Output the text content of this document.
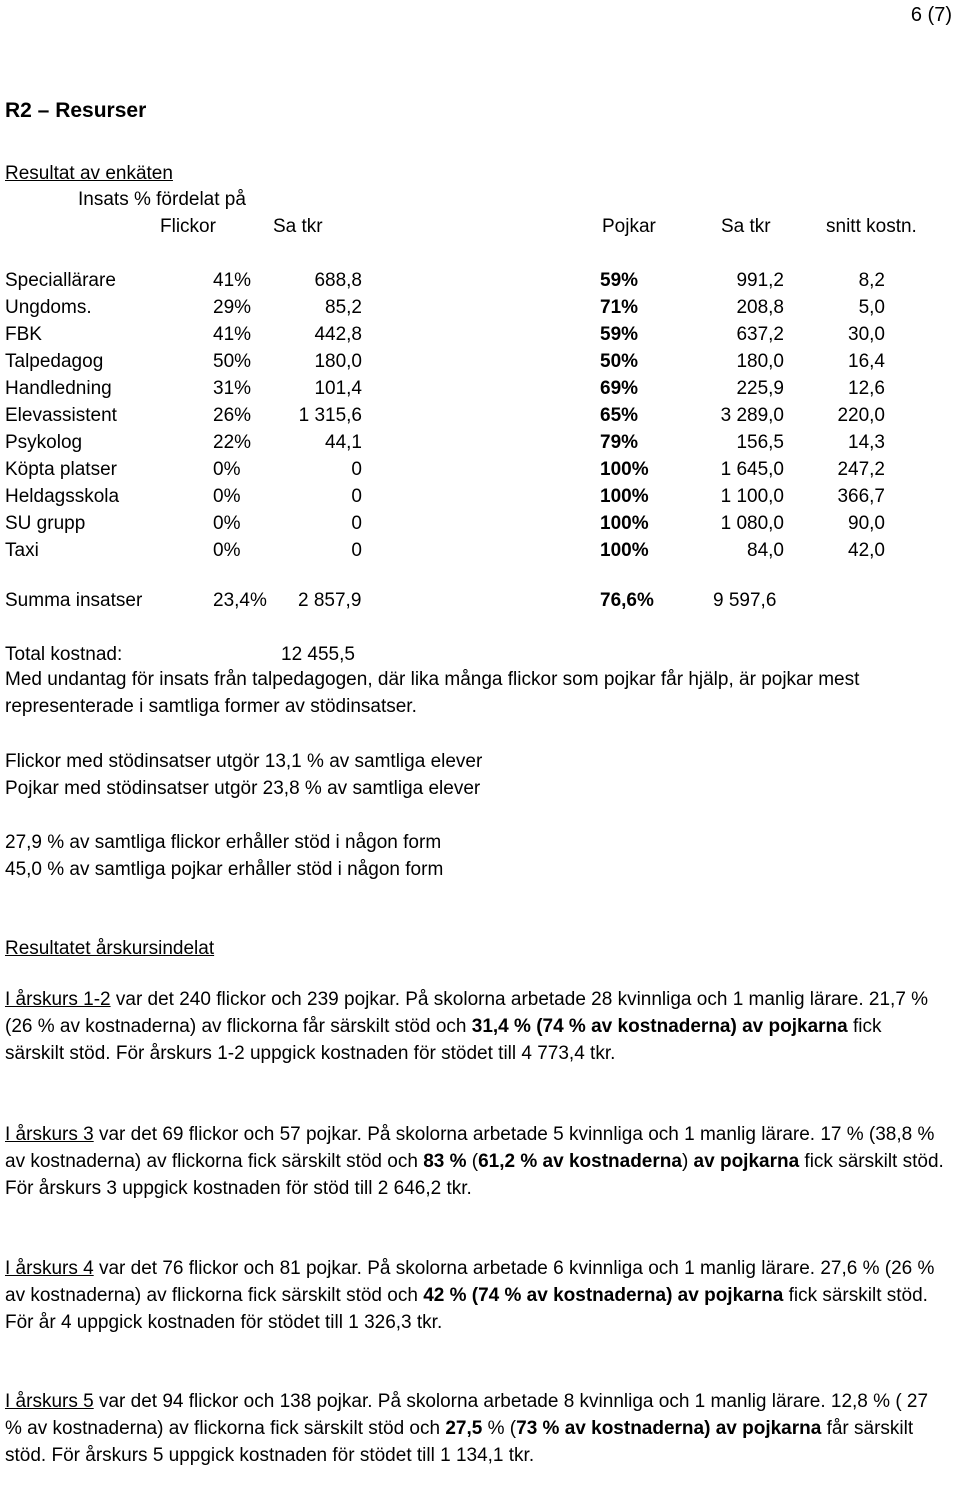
6 (7)
R2 – Resurser
Resultat av enkäten
Insats % fördelat på
Flickor	Sa tkr	Pojkar	Sa tkr	snitt kostn.
Speciallärare	41%	688,8	59%	991,2	8,2
Ungdoms.	29%	85,2	71%	208,8	5,0
FBK	41%	442,8	59%	637,2	30,0
Talpedagog	50%	180,0	50%	180,0	16,4
Handledning	31%	101,4	69%	225,9	12,6
Elevassistent	26%	1 315,6	65%	3 289,0	220,0
Psykolog	22%	44,1	79%	156,5	14,3
Köpta platser	0%	0	100%	1 645,0	247,2
Heldagsskola	0%	0	100%	1 100,0	366,7
SU grupp	0%	0	100%	1 080,0	90,0
Taxi	0%	0	100%	84,0	42,0
Summa insatser	23,4% 2 857,9	76,6%	9 597,6
Total kostnad:	12 455,5
Med undantag för insats från talpedagogen, där lika många flickor som pojkar får hjälp, är pojkar mest representerade i samtliga former av stödinsatser.
Flickor med stödinsatser utgör 13,1 % av samtliga elever
Pojkar med stödinsatser utgör 23,8 % av samtliga elever
27,9 % av samtliga flickor erhåller stöd i någon form
45,0 % av samtliga pojkar erhåller stöd i någon form
Resultatet årskursindelat
I årskurs 1-2 var det 240 flickor och 239 pojkar. På skolorna arbetade 28 kvinnliga och 1 manlig lärare. 21,7 % (26 % av kostnaderna) av flickorna får särskilt stöd och 31,4 % (74 % av kostnaderna) av pojkarna fick särskilt stöd. För årskurs 1-2 uppgick kostnaden för stödet till 4 773,4 tkr.
I årskurs 3 var det 69 flickor och 57 pojkar. På skolorna arbetade 5 kvinnliga och 1 manlig lärare. 17 % (38,8 % av kostnaderna) av flickorna fick särskilt stöd och 83 % (61,2 % av kostnaderna) av pojkarna fick särskilt stöd. För årskurs 3 uppgick kostnaden för stöd till 2 646,2 tkr.
I årskurs 4 var det 76 flickor och 81 pojkar. På skolorna arbetade 6 kvinnliga och 1 manlig lärare. 27,6 % (26 % av kostnaderna) av flickorna fick särskilt stöd och 42 % (74 % av kostnaderna) av pojkarna fick särskilt stöd. För år 4 uppgick kostnaden för stödet till 1 326,3 tkr.
I årskurs 5 var det 94 flickor och 138 pojkar. På skolorna arbetade 8 kvinnliga och 1 manlig lärare. 12,8 % ( 27 % av kostnaderna) av flickorna fick särskilt stöd och 27,5 % (73 % av kostnaderna) av pojkarna får särskilt stöd. För årskurs 5 uppgick kostnaden för stödet till 1 134,1 tkr.
